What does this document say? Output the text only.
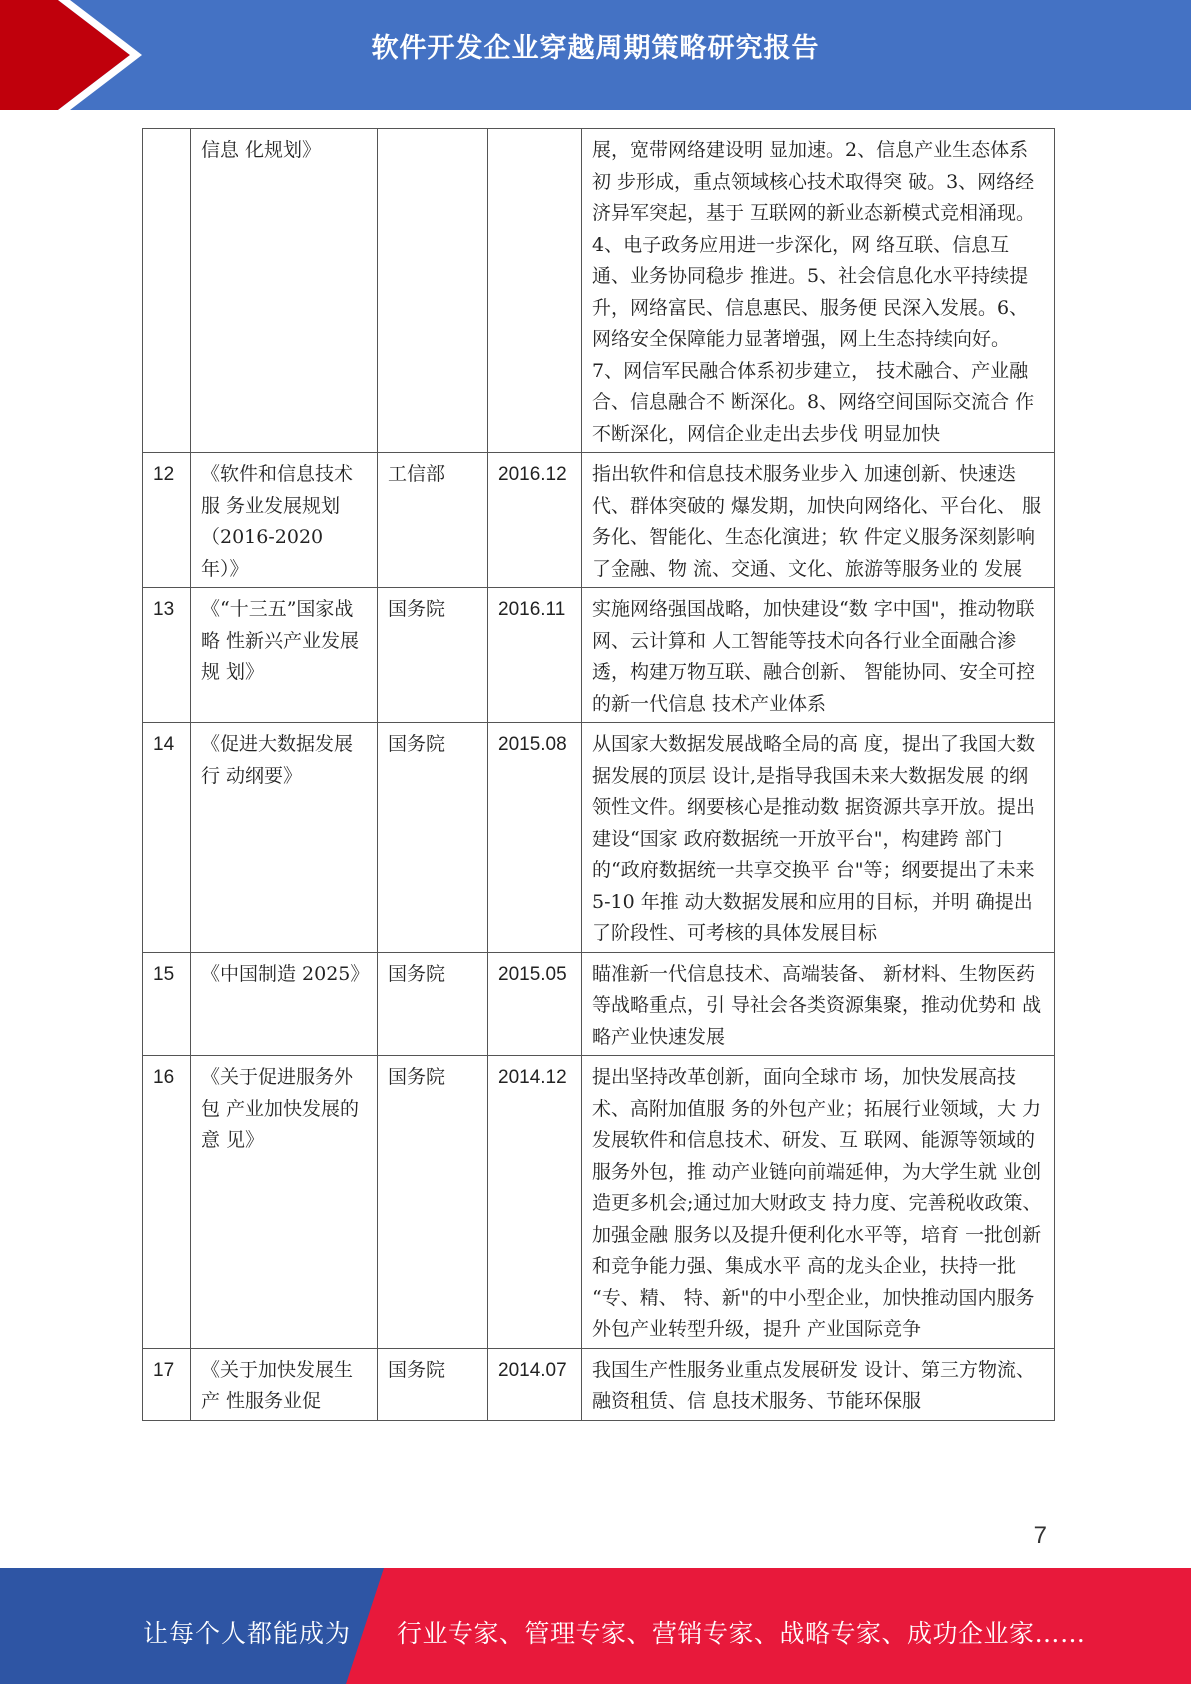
软件开发企业穿越周期策略研究报告
	信息 化规划》			展，宽带网络建设明 显加速。2、信息产业生态体系初 步形成，重点领域核心技术取得突 破。3、网络经济异军突起，基于 互联网的新业态新模式竞相涌现。 4、电子政务应用进一步深化，网 络互联、信息互通、业务协同稳步 推进。5、社会信息化水平持续提 升，网络富民、信息惠民、服务便 民深入发展。6、网络安全保障能力显著增强，网上生态持续向好。 7、网信军民融合体系初步建立， 技术融合、产业融合、信息融合不 断深化。8、网络空间国际交流合 作不断深化，网信企业走出去步伐 明显加快
12	《软件和信息技术服 务业发展规划（2016-2020 年）》	工信部	2016.12	指出软件和信息技术服务业步入 加速创新、快速迭代、群体突破的 爆发期，加快向网络化、平台化、 服务化、智能化、生态化演进；软 件定义服务深刻影响了金融、物 流、交通、文化、旅游等服务业的 发展
13	《“十三五”国家战略 性新兴产业发展规 划》	国务院	2016.11	实施网络强国战略，加快建设“数 字中国"，推动物联网、云计算和 人工智能等技术向各行业全面融合渗透，构建万物互联、融合创新、 智能协同、安全可控的新一代信息 技术产业体系
14	《促进大数据发展行 动纲要》	国务院	2015.08	从国家大数据发展战略全局的高 度，提出了我国大数据发展的顶层 设计,是指导我国未来大数据发展 的纲领性文件。纲要核心是推动数 据资源共享开放。提出建设“国家 政府数据统一开放平台"，构建跨 部门的“政府数据统一共享交换平 台"等；纲要提出了未来 5-10 年推 动大数据发展和应用的目标，并明 确提出了阶段性、可考核的具体发展目标
15	《中国制造 2025》	国务院	2015.05	瞄准新一代信息技术、高端装备、 新材料、生物医药等战略重点，引 导社会各类资源集聚，推动优势和 战略产业快速发展
16	《关于促进服务外包 产业加快发展的意 见》	国务院	2014.12	提出坚持改革创新，面向全球市 场，加快发展高技术、高附加值服 务的外包产业；拓展行业领域，大 力发展软件和信息技术、研发、互 联网、能源等领域的服务外包，推 动产业链向前端延伸，为大学生就 业创造更多机会;通过加大财政支 持力度、完善税收政策、加强金融 服务以及提升便利化水平等，培育 一批创新和竞争能力强、集成水平 高的龙头企业，扶持一批 “专、精、 特、新"的中小型企业，加快推动国内服务外包产业转型升级，提升 产业国际竞争
17	《关于加快发展生产 性服务业促	国务院	2014.07	我国生产性服务业重点发展研发 设计、第三方物流、融资租赁、信 息技术服务、节能环保服
7
让每个人都能成为 行业专家、管理专家、营销专家、战略专家、成功企业家……
